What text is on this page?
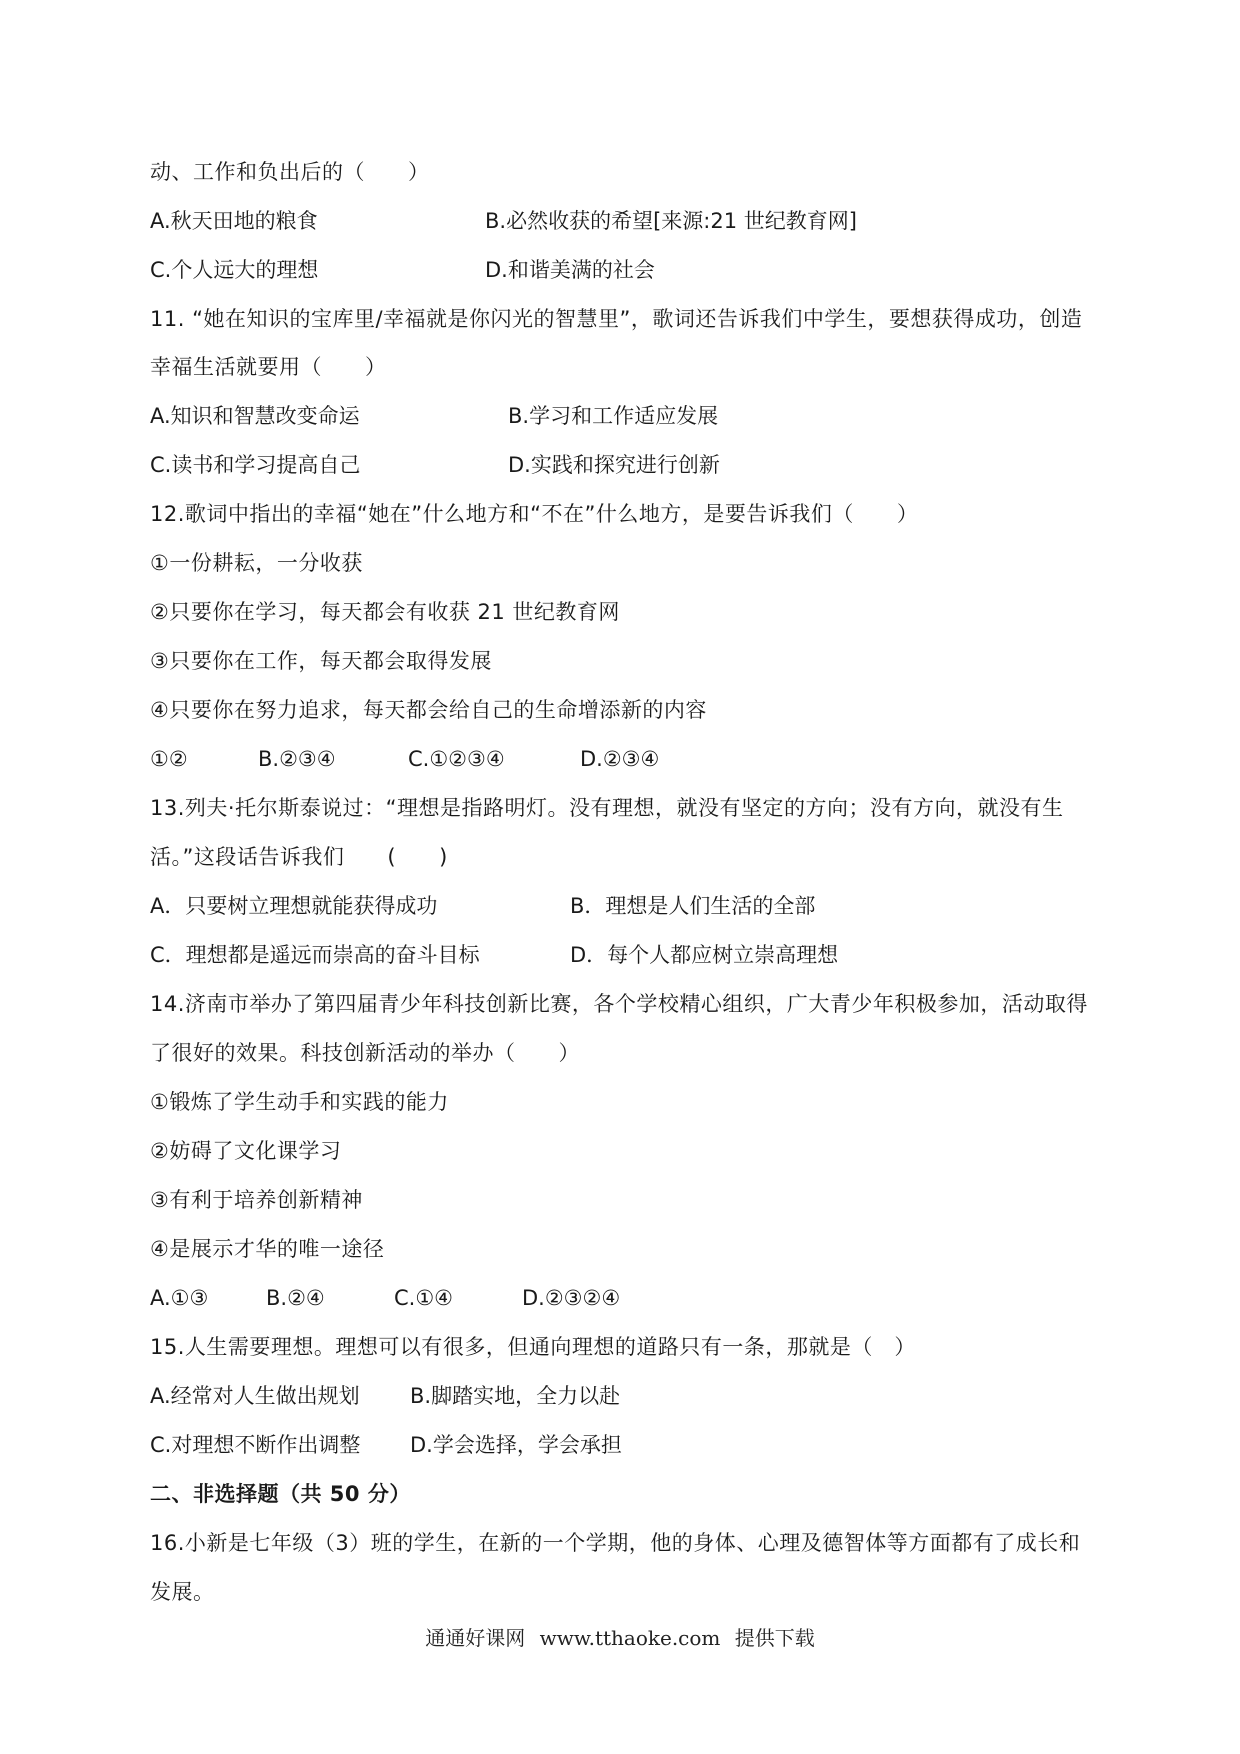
动、工作和负出后的（　　）
A.秋天田地的粮食	B.必然收获的希望[来源:21 世纪教育网]
C.个人远大的理想	D.和谐美满的社会
11. “她在知识的宝库里/幸福就是你闪光的智慧里”，歌词还告诉我们中学生，要想获得成功，创造
幸福生活就要用（　　）
A.知识和智慧改变命运	B.学习和工作适应发展
C.读书和学习提高自己	D.实践和探究进行创新
12.歌词中指出的幸福“她在”什么地方和“不在”什么地方，是要告诉我们（　　）
①一份耕耘，一分收获
②只要你在学习，每天都会有收获 21 世纪教育网
③只要你在工作，每天都会取得发展
④只要你在努力追求，每天都会给自己的生命增添新的内容
①②	B.②③④	C.①②③④	D.②③④
13.列夫·托尔斯泰说过：“理想是指路明灯。没有理想，就没有坚定的方向；没有方向，就没有生
活。”这段话告诉我们　　(　　)
A．只要树立理想就能获得成功	B．理想是人们生活的全部
C．理想都是遥远而崇高的奋斗目标	D．每个人都应树立崇高理想
14.济南市举办了第四届青少年科技创新比赛，各个学校精心组织，广大青少年积极参加，活动取得
了很好的效果。科技创新活动的举办（　　）
①锻炼了学生动手和实践的能力
②妨碍了文化课学习
③有利于培养创新精神
④是展示才华的唯一途径
A.①③	B.②④	C.①④	D.②③②④
15.人生需要理想。理想可以有很多，但通向理想的道路只有一条，那就是（　）
A.经常对人生做出规划 B.脚踏实地，全力以赴
C.对理想不断作出调整 D.学会选择，学会承担
二、非选择题（共 50 分）
16.小新是七年级（3）班的学生，在新的一个学期，他的身体、心理及德智体等方面都有了成长和
发展。
通通好课网 www.tthaoke.com 提供下载
